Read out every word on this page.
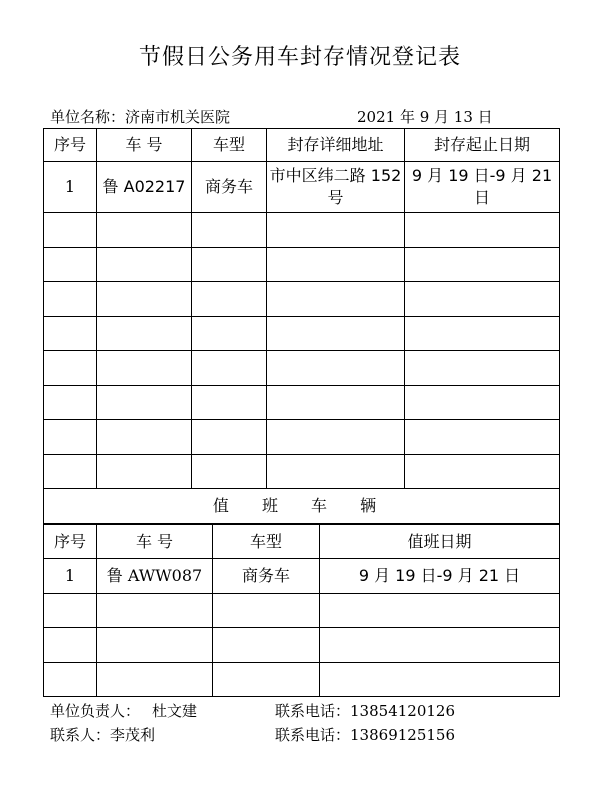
节假日公务用车封存情况登记表
单位名称：济南市机关医院	2021 年 9 月 13 日
序号	车 号	车型	封存详细地址	封存起止日期
1	鲁 A02217	商务车	市中区纬二路 152 号	9 月 19 日-9 月 21 日

值 班 车 辆				
序号	车 号	车型	值班日期
1	鲁 AWW087	商务车	9 月 19 日-9 月 21 日

单位负责人： 杜文建	联系电话：13854120126
联系人：李茂利	联系电话：13869125156
